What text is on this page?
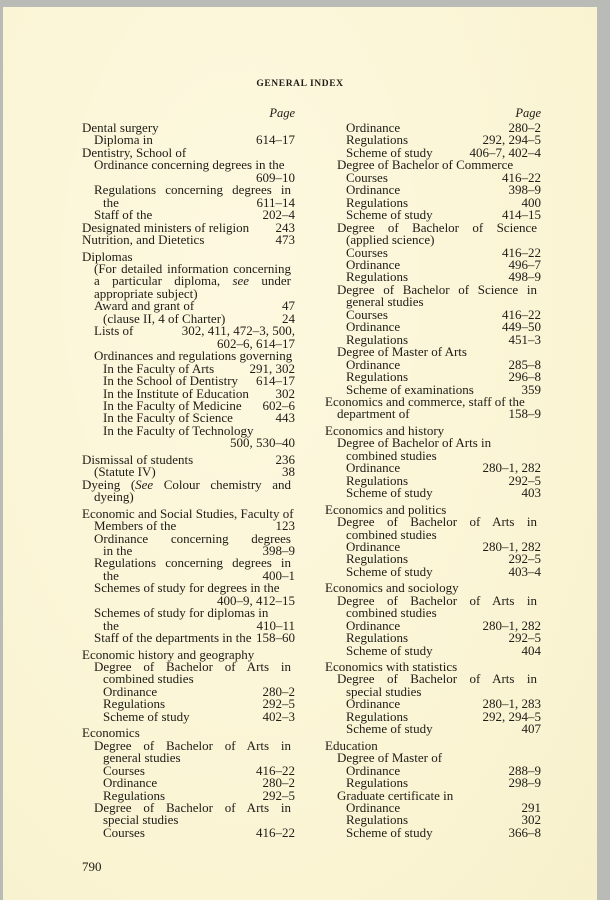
GENERAL INDEX
Page
Dental surgery
Diploma in	614–17
Dentistry, School of
Ordinance concerning degrees in the
609–10
Regulations concerning degrees in
the	611–14
Staff of the	202–4
Designated ministers of religion	243
Nutrition, and Dietetics	473
Diplomas
(For detailed information concerning
a particular diploma, see under
appropriate subject)
Award and grant of	47
(clause II, 4 of Charter)	24
Lists of	302, 411, 472–3, 500,
602–6, 614–17
Ordinances and regulations governing
In the Faculty of Arts	291, 302
In the School of Dentistry	614–17
In the Institute of Education	302
In the Faculty of Medicine	602–6
In the Faculty of Science	443
In the Faculty of Technology
500, 530–40
Dismissal of students	236
(Statute IV)	38
Dyeing (See Colour chemistry and
dyeing)
Economic and Social Studies, Faculty of
Members of the	123
Ordinance concerning degrees
in the	398–9
Regulations concerning degrees in
the	400–1
Schemes of study for degrees in the
400–9, 412–15
Schemes of study for diplomas in
the	410–11
Staff of the departments in the 158–60
Economic history and geography
Degree of Bachelor of Arts in
combined studies
Ordinance	280–2
Regulations	292–5
Scheme of study	402–3
Economics
Degree of Bachelor of Arts in
general studies
Courses	416–22
Ordinance	280–2
Regulations	292–5
Degree of Bachelor of Arts in
special studies
Courses	416–22
Page
Ordinance	280–2
Regulations	292, 294–5
Scheme of study	406–7, 402–4
Degree of Bachelor of Commerce
Courses	416–22
Ordinance	398–9
Regulations	400
Scheme of study	414–15
Degree of Bachelor of Science
(applied science)
Courses	416–22
Ordinance	496–7
Regulations	498–9
Degree of Bachelor of Science in
general studies
Courses	416–22
Ordinance	449–50
Regulations	451–3
Degree of Master of Arts
Ordinance	285–8
Regulations	296–8
Scheme of examinations	359
Economics and commerce, staff of the
department of	158–9
Economics and history
Degree of Bachelor of Arts in
combined studies
Ordinance	280–1, 282
Regulations	292–5
Scheme of study	403
Economics and politics
Degree of Bachelor of Arts in
combined studies
Ordinance	280–1, 282
Regulations	292–5
Scheme of study	403–4
Economics and sociology
Degree of Bachelor of Arts in
combined studies
Ordinance	280–1, 282
Regulations	292–5
Scheme of study	404
Economics with statistics
Degree of Bachelor of Arts in
special studies
Ordinance	280–1, 283
Regulations	292, 294–5
Scheme of study	407
Education
Degree of Master of
Ordinance	288–9
Regulations	298–9
Graduate certificate in
Ordinance	291
Regulations	302
Scheme of study	366–8
790
